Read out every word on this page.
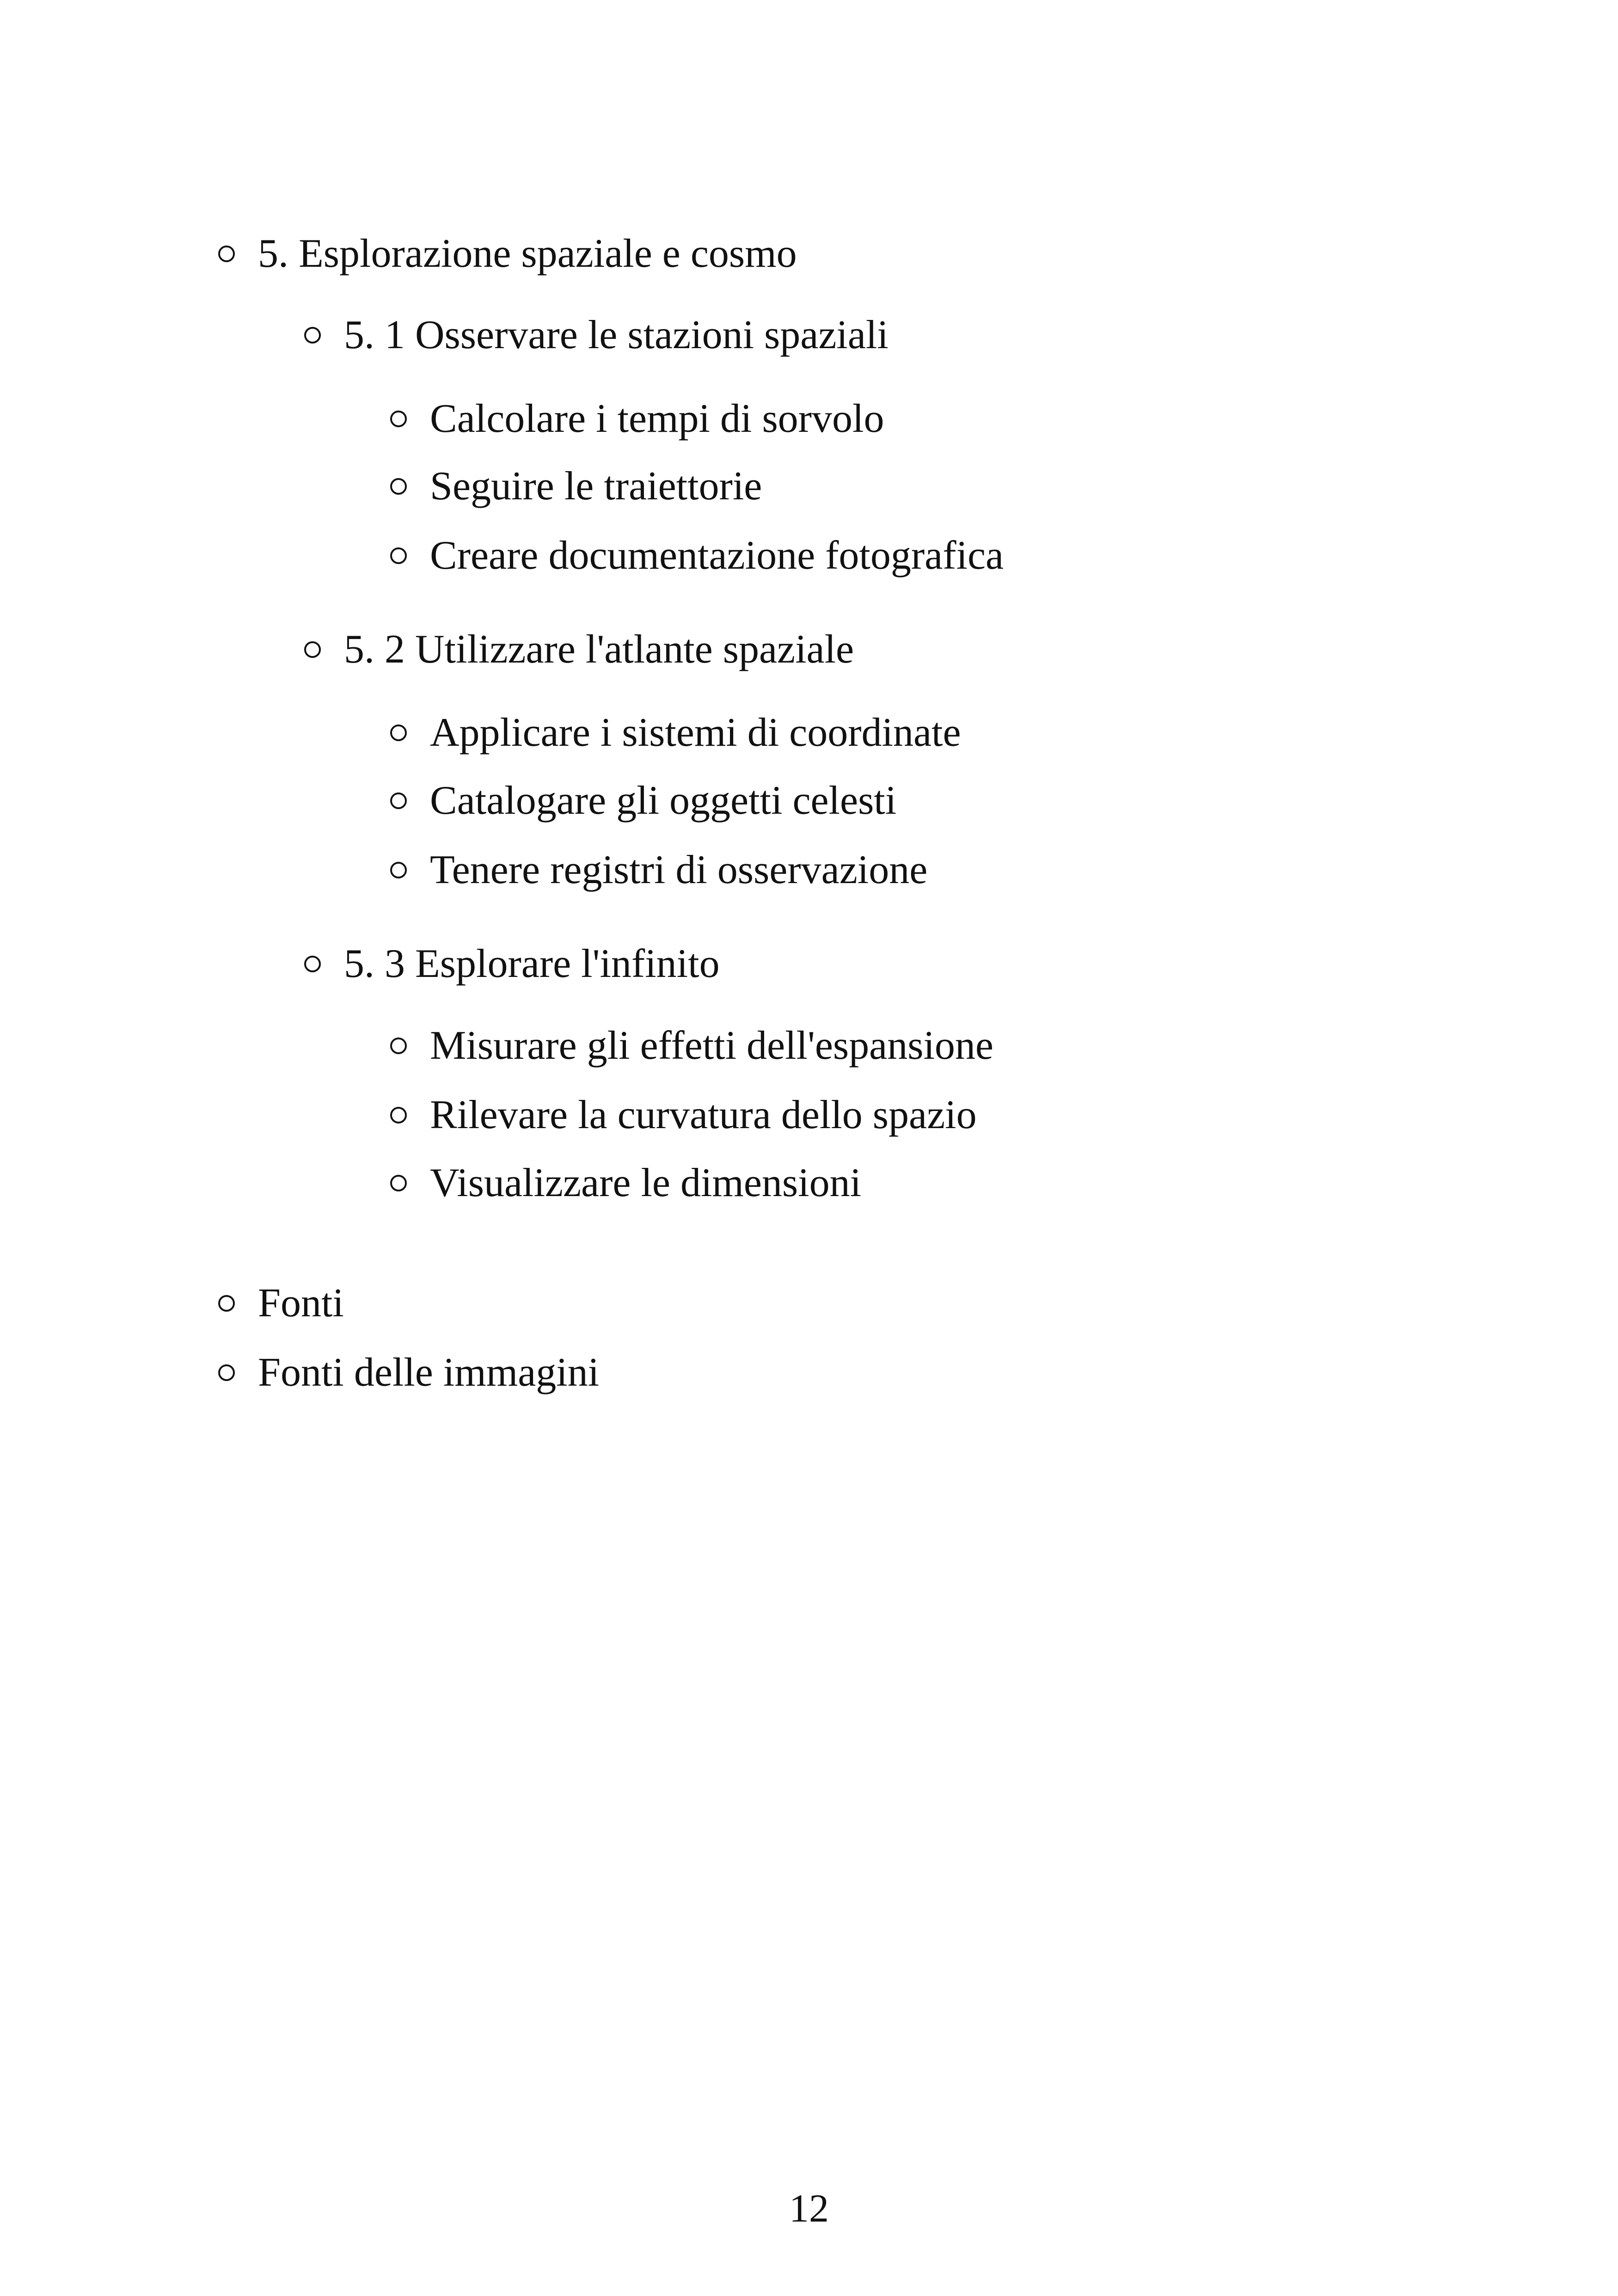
5. Esplorazione spaziale e cosmo
5. 1 Osservare le stazioni spaziali
Calcolare i tempi di sorvolo
Seguire le traiettorie
Creare documentazione fotografica
5. 2 Utilizzare l'atlante spaziale
Applicare i sistemi di coordinate
Catalogare gli oggetti celesti
Tenere registri di osservazione
5. 3 Esplorare l'infinito
Misurare gli effetti dell'espansione
Rilevare la curvatura dello spazio
Visualizzare le dimensioni
Fonti
Fonti delle immagini
12
